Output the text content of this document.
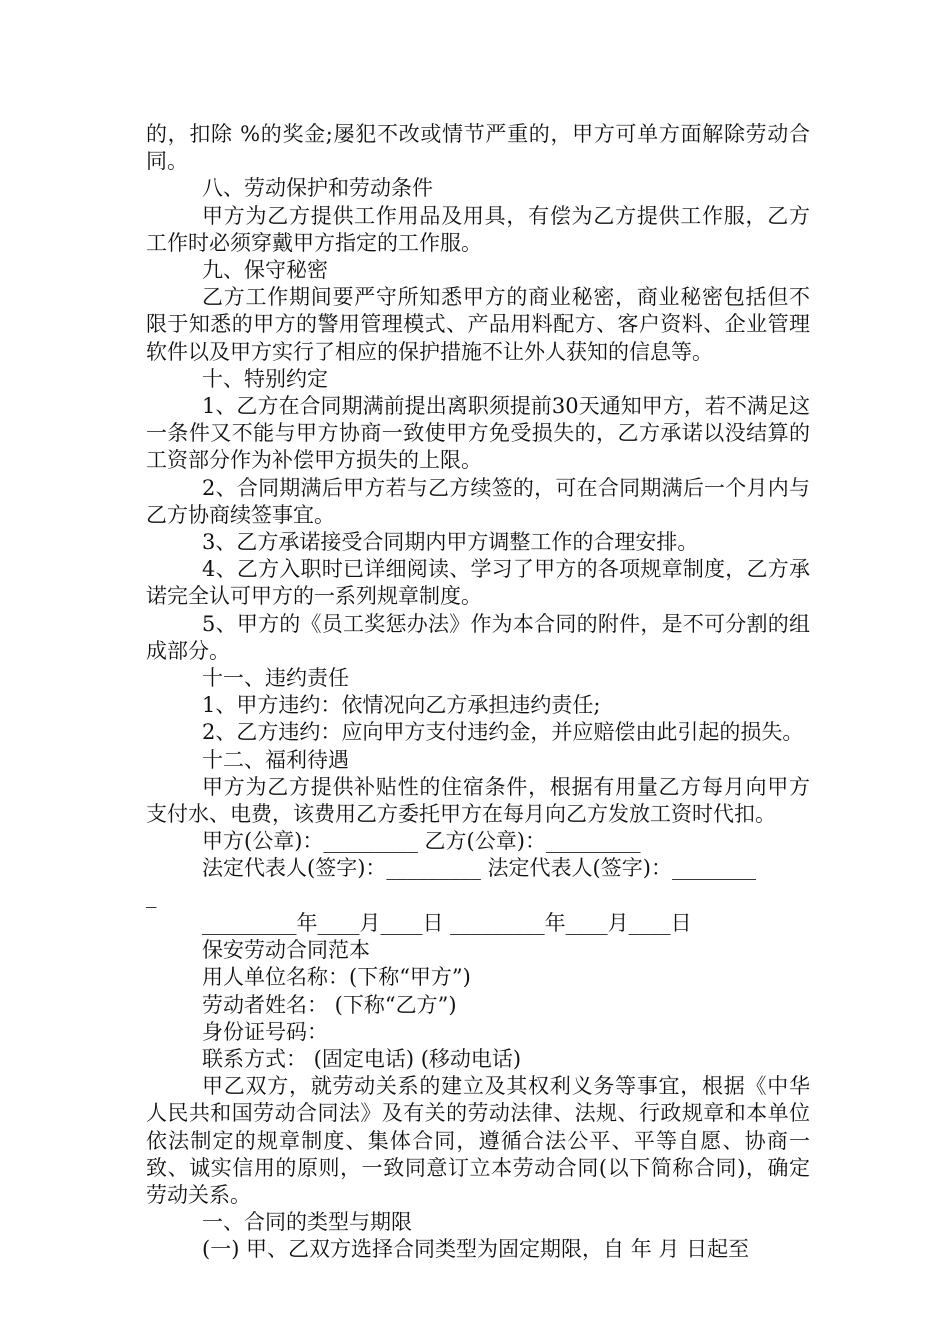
的，扣除 %的奖金;屡犯不改或情节严重的，甲方可单方面解除劳动合同。

八、劳动保护和劳动条件

甲方为乙方提供工作用品及用具，有偿为乙方提供工作服，乙方工作时必须穿戴甲方指定的工作服。

九、保守秘密

乙方工作期间要严守所知悉甲方的商业秘密，商业秘密包括但不限于知悉的甲方的警用管理模式、产品用料配方、客户资料、企业管理软件以及甲方实行了相应的保护措施不让外人获知的信息等。

十、特别约定

1、乙方在合同期满前提出离职须提前30天通知甲方，若不满足这一条件又不能与甲方协商一致使甲方免受损失的，乙方承诺以没结算的工资部分作为补偿甲方损失的上限。

2、合同期满后甲方若与乙方续签的，可在合同期满后一个月内与乙方协商续签事宜。

3、乙方承诺接受合同期内甲方调整工作的合理安排。

4、乙方入职时已详细阅读、学习了甲方的各项规章制度，乙方承诺完全认可甲方的一系列规章制度。

5、甲方的《员工奖惩办法》作为本合同的附件，是不可分割的组成部分。

十一、违约责任

1、甲方违约：依情况向乙方承担违约责任;

2、乙方违约：应向甲方支付违约金，并应赔偿由此引起的损失。

十二、福利待遇

甲方为乙方提供补贴性的住宿条件，根据有用量乙方每月向甲方支付水、电费，该费用乙方委托甲方在每月向乙方发放工资时代扣。

甲方(公章)：_________ 乙方(公章)：_________

法定代表人(签字)：_________ 法定代表人(签字)：________

_

_________年____月____日 _________年____月____日

保安劳动合同范本

用人单位名称：(下称“甲方”)

劳动者姓名： (下称“乙方”)

身份证号码：

联系方式： (固定电话) (移动电话)

甲乙双方，就劳动关系的建立及其权利义务等事宜，根据《中华人民共和国劳动合同法》及有关的劳动法律、法规、行政规章和本单位依法制定的规章制度、集体合同，遵循合法公平、平等自愿、协商一致、诚实信用的原则，一致同意订立本劳动合同(以下简称合同)，确定劳动关系。

一、合同的类型与期限

(一) 甲、乙双方选择合同类型为固定期限，自 年 月 日起至
